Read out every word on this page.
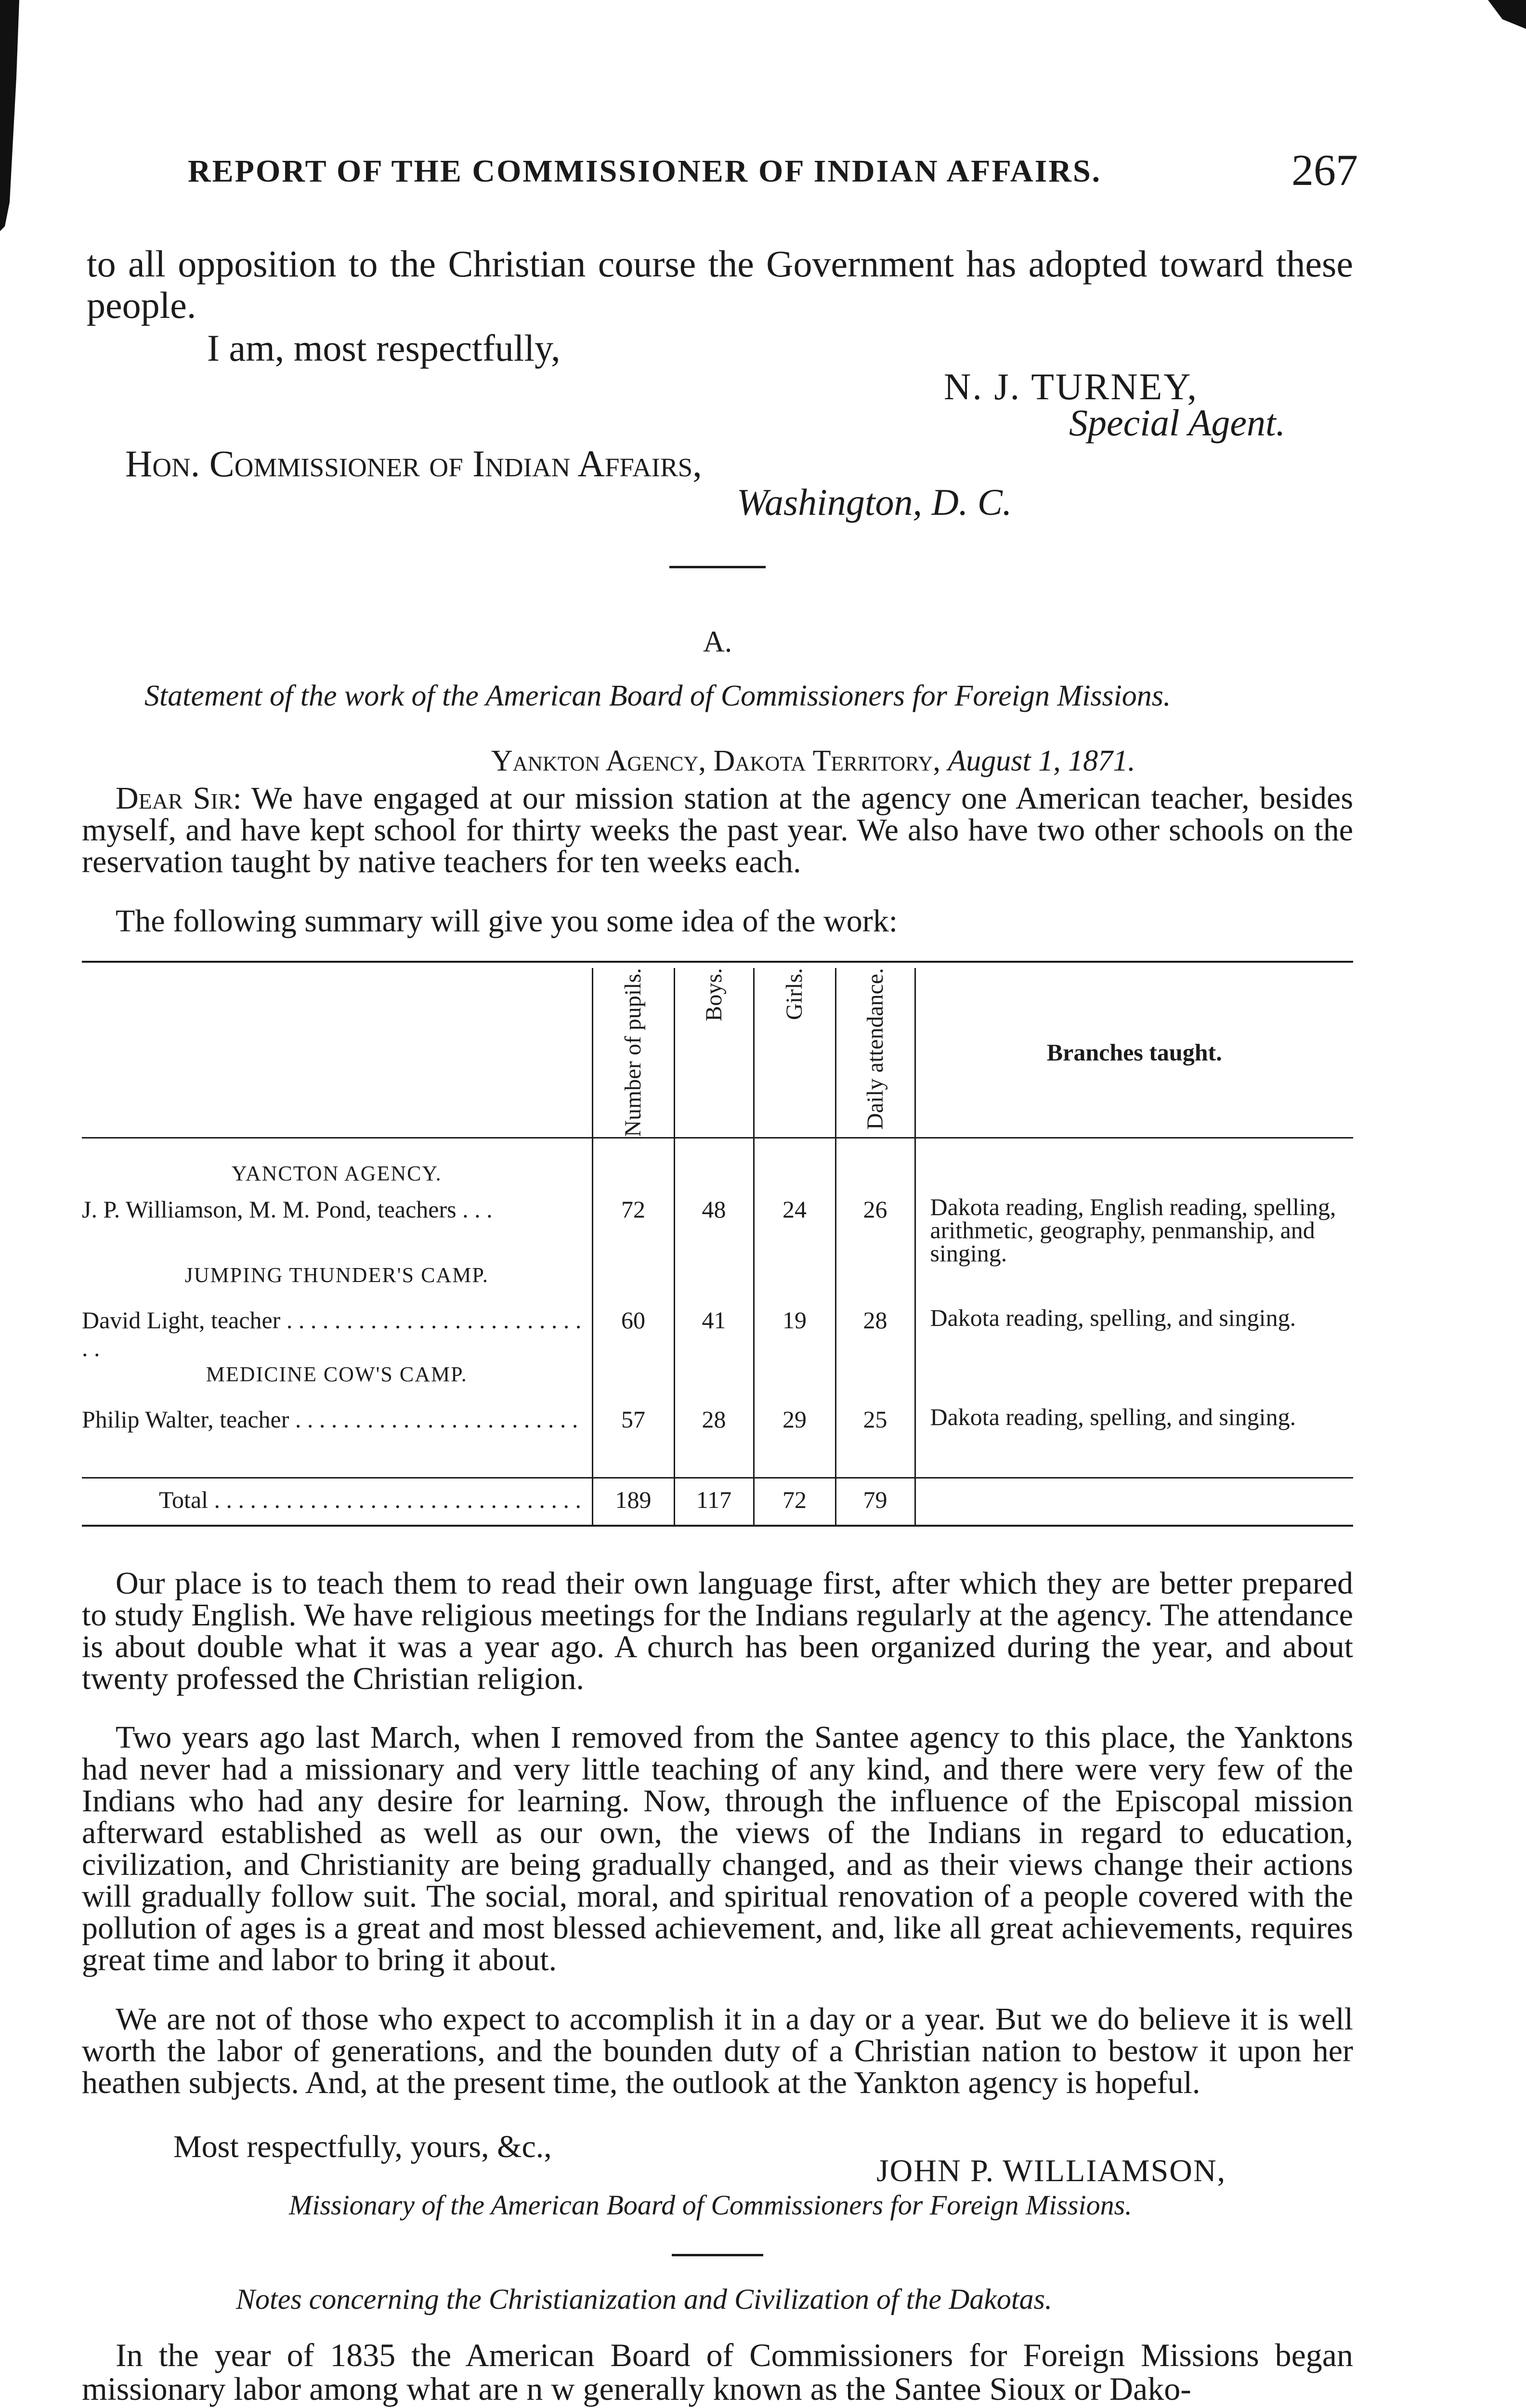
REPORT OF THE COMMISSIONER OF INDIAN AFFAIRS.	267
to all opposition to the Christian course the Government has adopted toward these people.
I am, most respectfully,
N. J. TURNEY,
Special Agent.
Hon. Commissioner of Indian Affairs,
Washington, D. C.
A.
Statement of the work of the American Board of Commissioners for Foreign Missions.
Yankton Agency, Dakota Territory, August 1, 1871.
Dear Sir: We have engaged at our mission station at the agency one American teacher, besides myself, and have kept school for thirty weeks the past year. We also have two other schools on the reservation taught by native teachers for ten weeks each.
The following summary will give you some idea of the work:

	Number of pupils.	Boys.	Girls.	Daily attendance.	Branches taught.
YANCTON AGENCY.					
J. P. Williamson, M. M. Pond, teachers . . .	72	48	24	26	Dakota reading, English reading, spelling, arithmetic, geography, penmanship, and singing.
JUMPING THUNDER'S CAMP.					
David Light, teacher . . . . . . . . . . . . . . . . . . . . . . . . . . .	60	41	19	28	Dakota reading, spelling, and singing.
MEDICINE COW'S CAMP.					
Philip Walter, teacher . . . . . . . . . . . . . . . . . . . . . . . .	57	28	29	25	Dakota reading, spelling, and singing.
Total . . . . . . . . . . . . . . . . . . . . . . . . . . . . . . .	189	117	72	79	
Our place is to teach them to read their own language first, after which they are better prepared to study English. We have religious meetings for the Indians regularly at the agency. The attendance is about double what it was a year ago. A church has been organized during the year, and about twenty professed the Christian religion.
Two years ago last March, when I removed from the Santee agency to this place, the Yanktons had never had a missionary and very little teaching of any kind, and there were very few of the Indians who had any desire for learning. Now, through the influence of the Episcopal mission afterward established as well as our own, the views of the Indians in regard to education, civilization, and Christianity are being gradually changed, and as their views change their actions will gradually follow suit. The social, moral, and spiritual renovation of a people covered with the pollution of ages is a great and most blessed achievement, and, like all great achievements, requires great time and labor to bring it about.
We are not of those who expect to accomplish it in a day or a year. But we do believe it is well worth the labor of generations, and the bounden duty of a Christian nation to bestow it upon her heathen subjects. And, at the present time, the outlook at the Yankton agency is hopeful.
Most respectfully, yours, &c.,
JOHN P. WILLIAMSON,
Missionary of the American Board of Commissioners for Foreign Missions.
Notes concerning the Christianization and Civilization of the Dakotas.
In the year of 1835 the American Board of Commissioners for Foreign Missions began missionary labor among what are n w generally known as the Santee Sioux or Dako-
